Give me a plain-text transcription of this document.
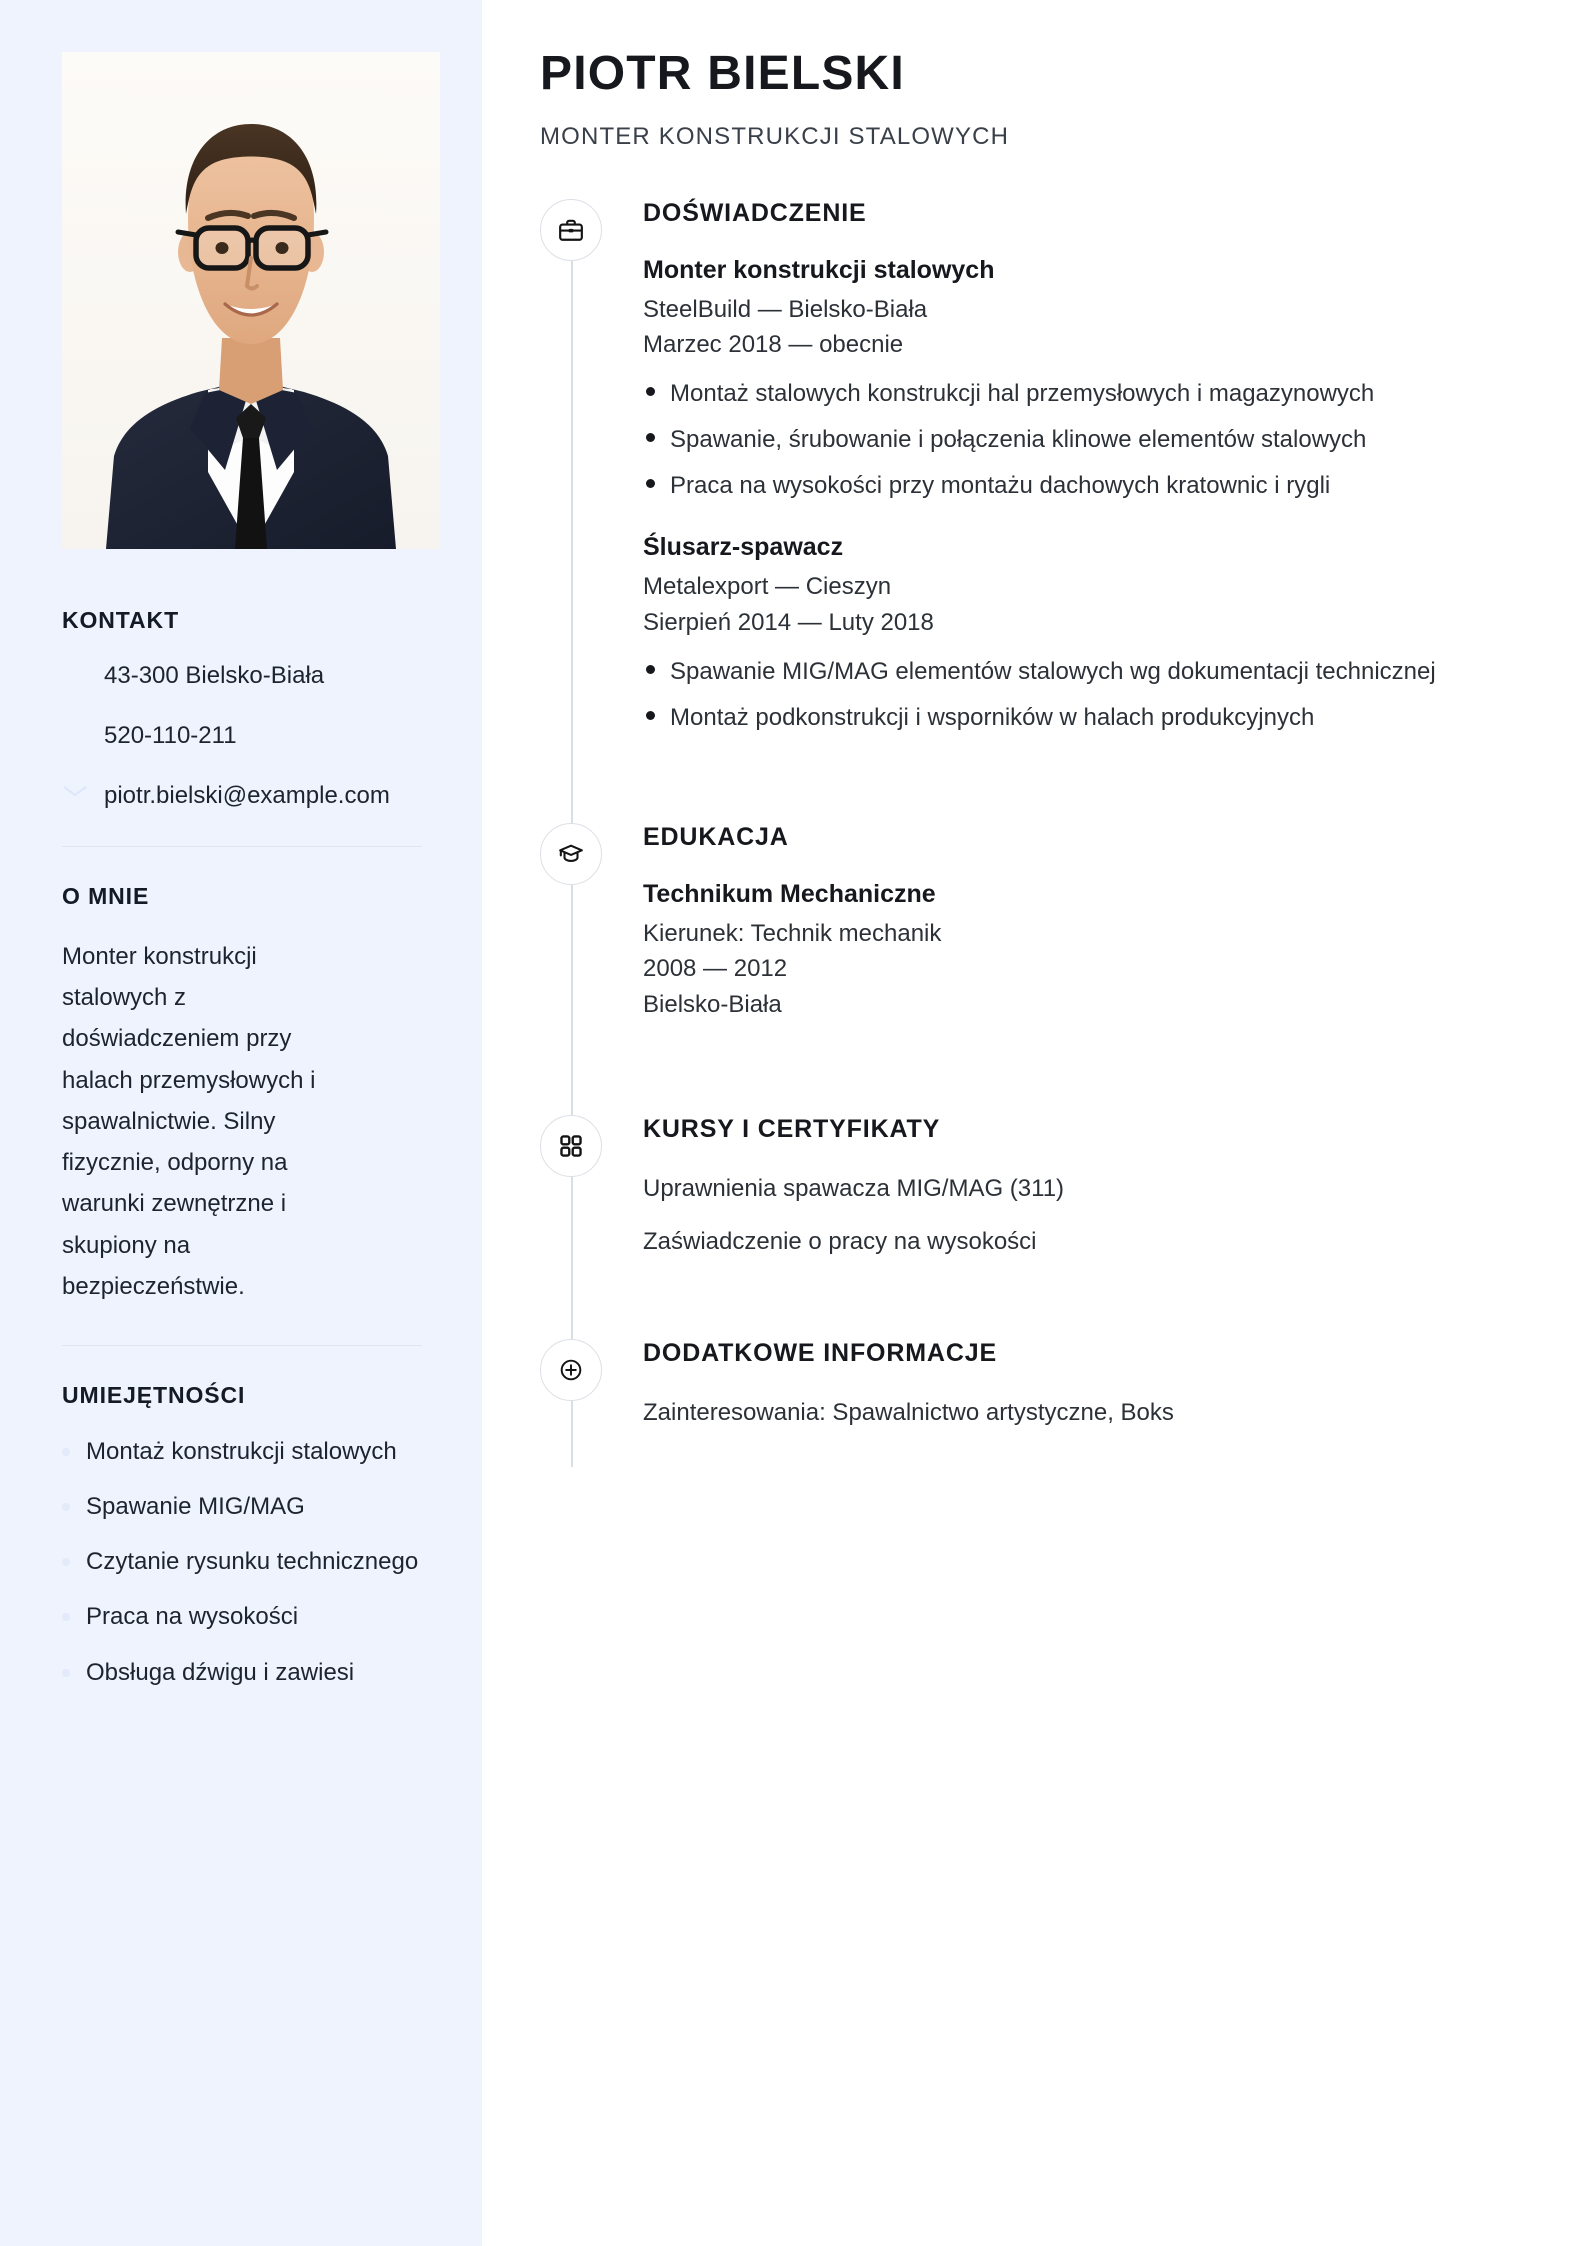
KONTAKT
43-300 Bielsko-Biała
520-110-211
piotr.bielski@example.com
O MNIE

Monter konstrukcji stalowych z doświadczeniem przy halach przemysłowych i spawalnictwie. Silny fizycznie, odporny na warunki zewnętrzne i skupiony na bezpieczeństwie.

UMIEJĘTNOŚCI
Montaż konstrukcji stalowych
Spawanie MIG/MAG
Czytanie rysunku technicznego
Praca na wysokości
Obsługa dźwigu i zawiesi
PIOTR BIELSKI
MONTER KONSTRUKCJI STALOWYCH
DOŚWIADCZENIE
Monter konstrukcji stalowych
SteelBuild — Bielsko-Biała
Marzec 2018 — obecnie
Montaż stalowych konstrukcji hal przemysłowych i magazynowych
Spawanie, śrubowanie i połączenia klinowe elementów stalowych
Praca na wysokości przy montażu dachowych kratownic i rygli
Ślusarz-spawacz
Metalexport — Cieszyn
Sierpień 2014 — Luty 2018
Spawanie MIG/MAG elementów stalowych wg dokumentacji technicznej
Montaż podkonstrukcji i wsporników w halach produkcyjnych
EDUKACJA
Technikum Mechaniczne
Kierunek: Technik mechanik
2008 — 2012
Bielsko-Biała
KURSY I CERTYFIKATY
Uprawnienia spawacza MIG/MAG (311)
Zaświadczenie o pracy na wysokości
DODATKOWE INFORMACJE
Zainteresowania: Spawalnictwo artystyczne, Boks
